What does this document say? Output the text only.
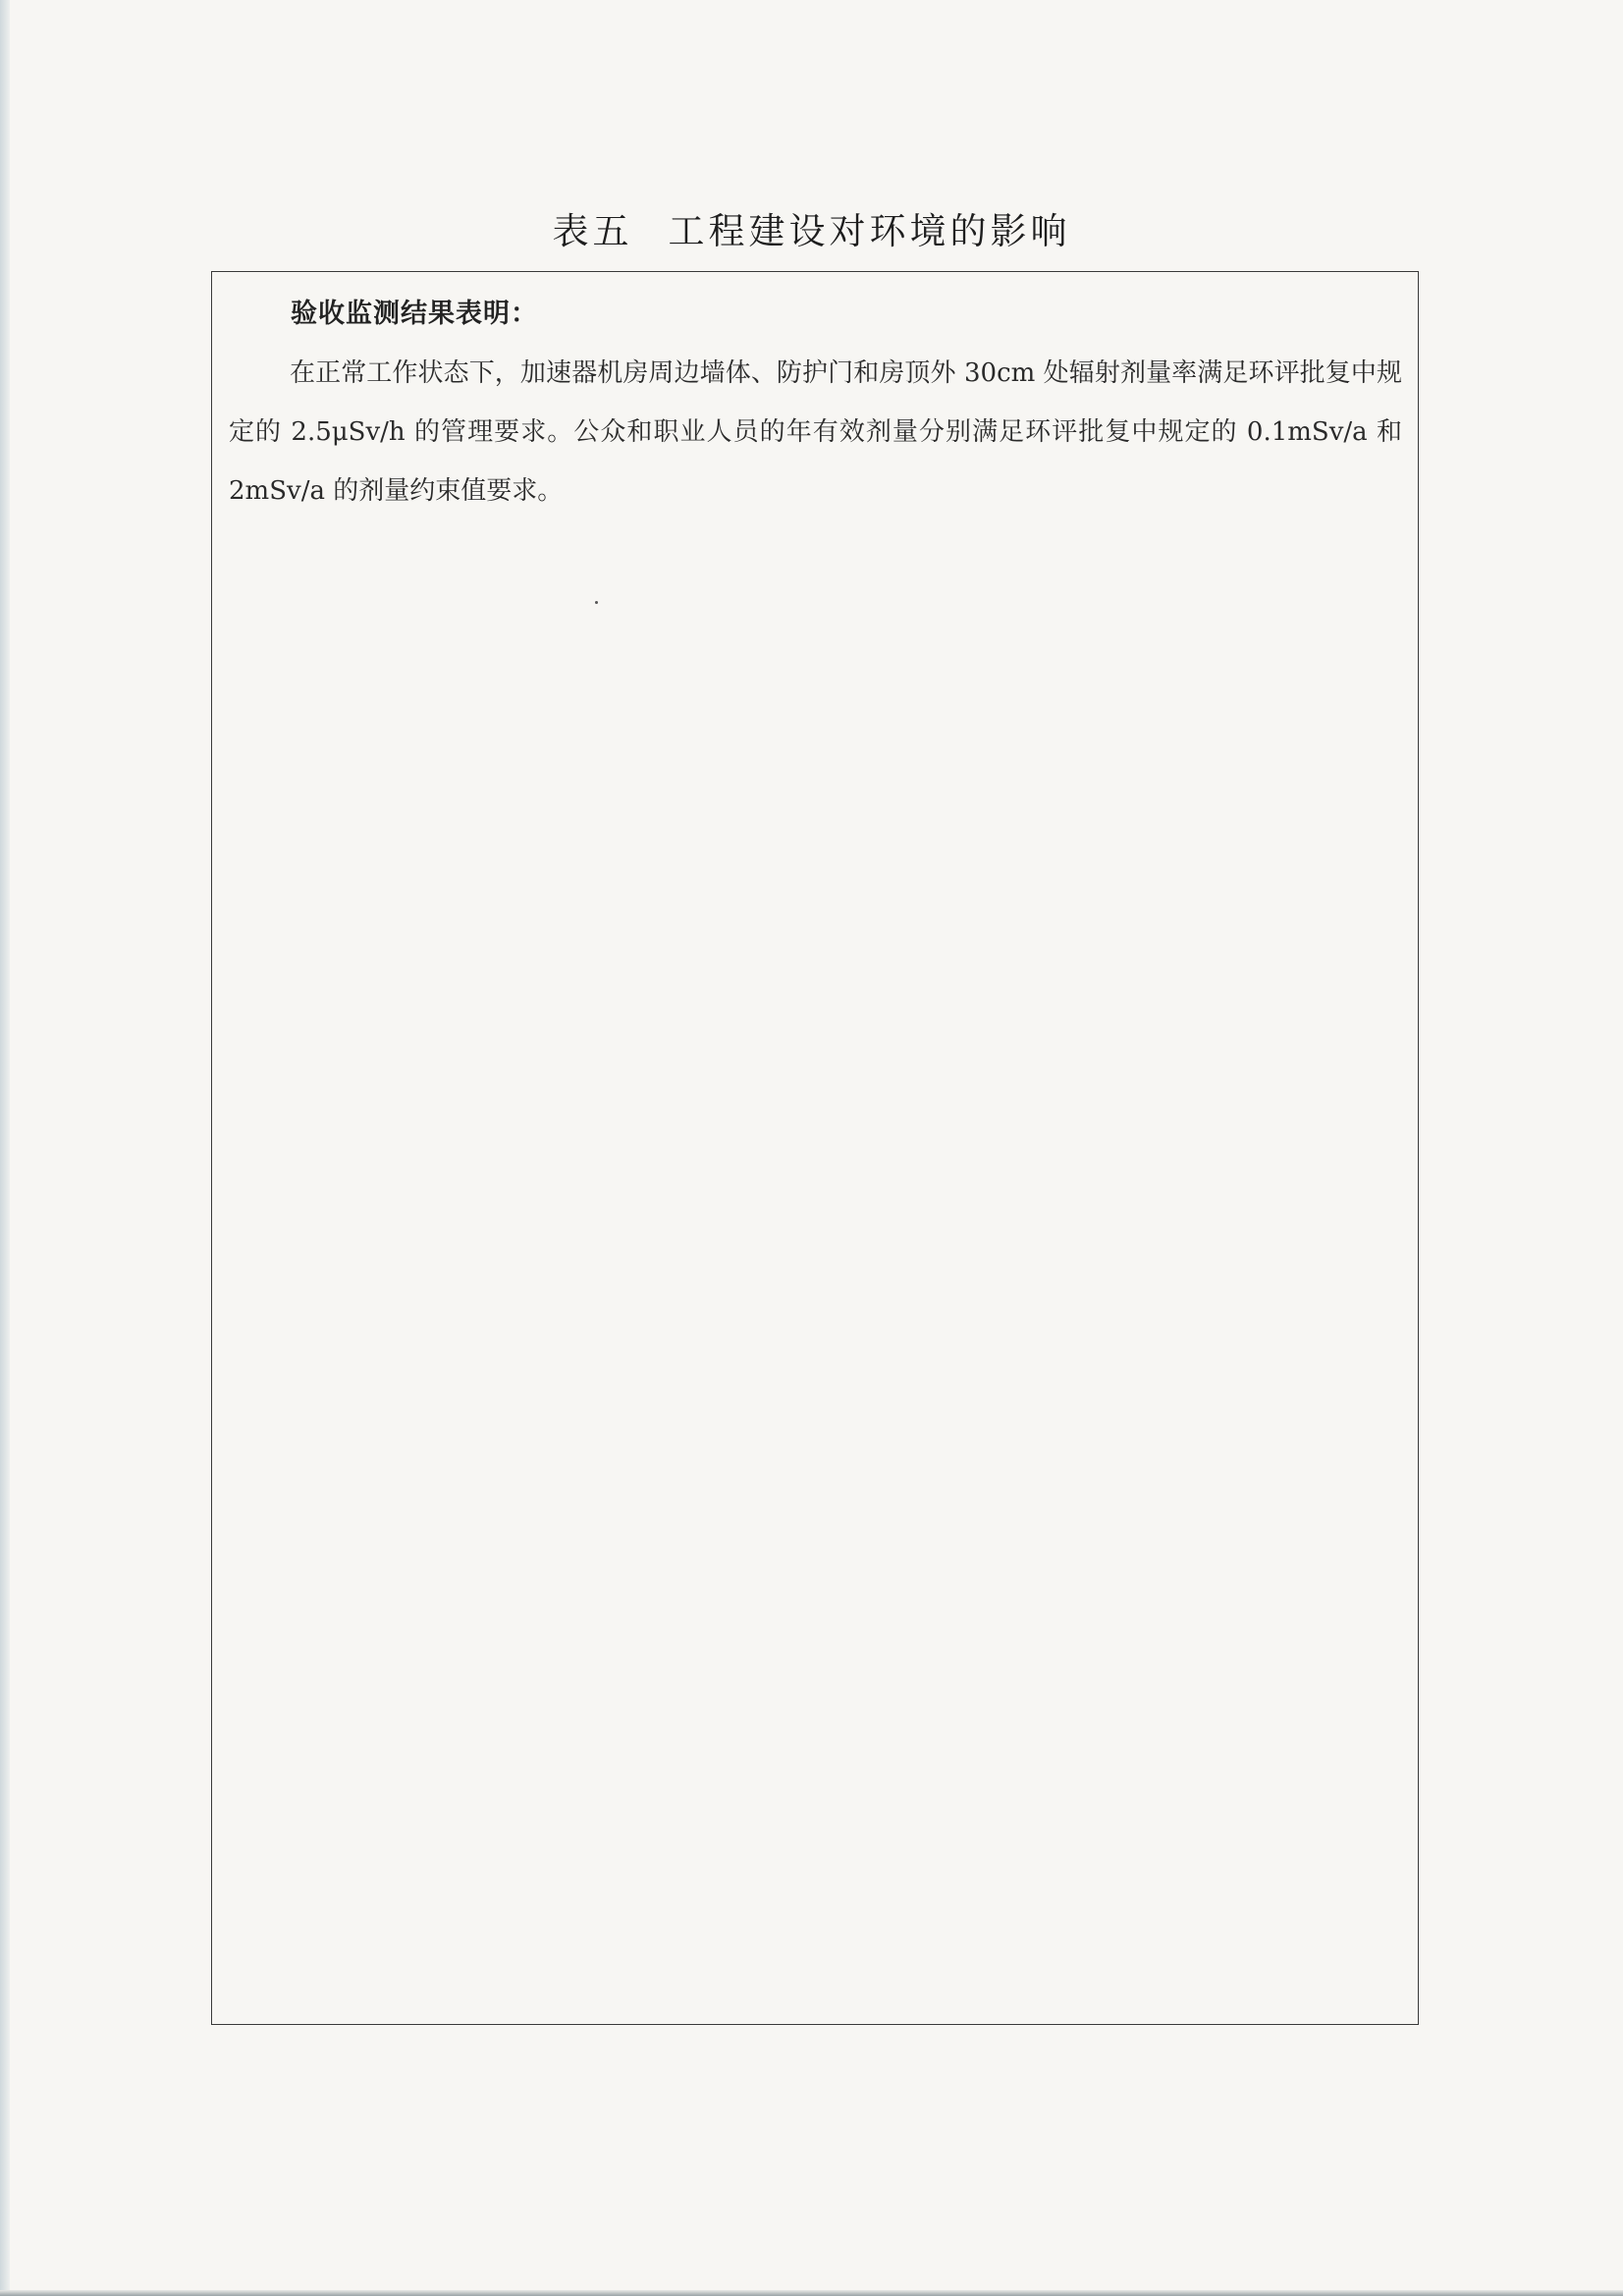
表五 工程建设对环境的影响
验收监测结果表明：
在正常工作状态下，加速器机房周边墙体、防护门和房顶外 30cm 处辐射剂量率满足环评批复中规定的 2.5μSv/h 的管理要求。公众和职业人员的年有效剂量分别满足环评批复中规定的 0.1mSv/a 和 2mSv/a 的剂量约束值要求。
